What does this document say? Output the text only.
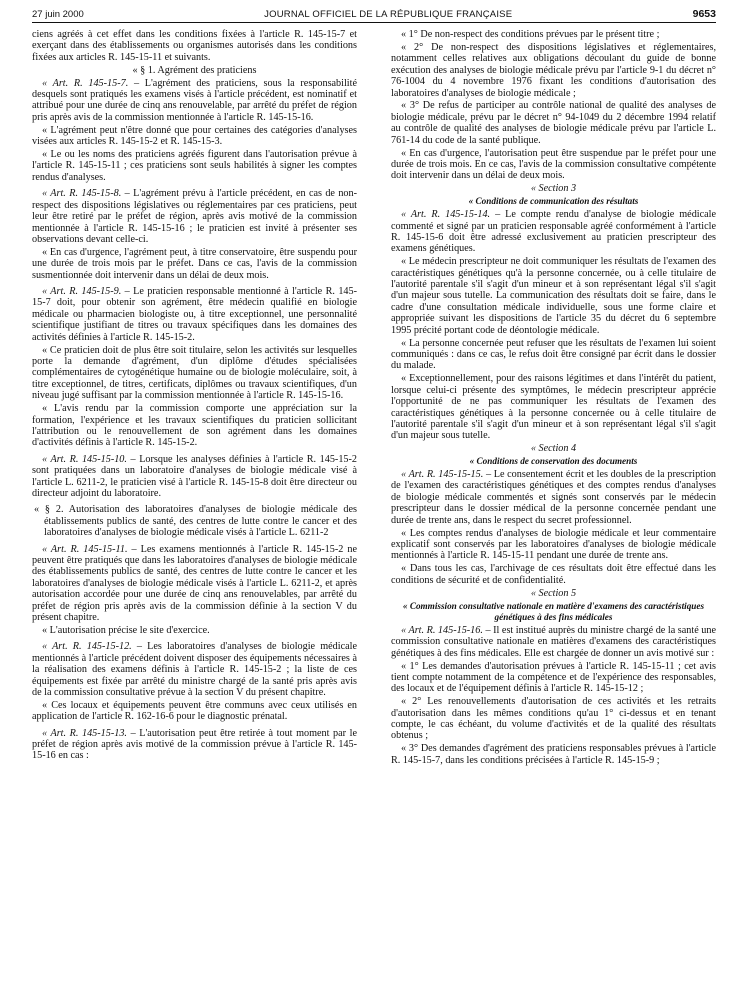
27 juin 2000	JOURNAL OFFICIEL DE LA RÉPUBLIQUE FRANÇAISE	9653

ciens agréés à cet effet dans les conditions fixées à l'article R. 145-15-7 et exerçant dans des établissements ou organismes autorisés dans les conditions fixées aux articles R. 145-15-11 et suivants.

« § 1. Agrément des praticiens

« Art. R. 145-15-7. – L'agrément des praticiens, sous la responsabilité desquels sont pratiqués les examens visés à l'article précédent, est nominatif et attribué pour une durée de cinq ans renouvelable, par arrêté du préfet de région pris après avis de la commission mentionnée à l'article R. 145-15-16.

« L'agrément peut n'être donné que pour certaines des catégories d'analyses visées aux articles R. 145-15-2 et R. 145-15-3.

« Le ou les noms des praticiens agréés figurent dans l'autorisation prévue à l'article R. 145-15-11 ; ces praticiens sont seuls habilités à signer les comptes rendus d'analyses.

« Art. R. 145-15-8. – L'agrément prévu à l'article précédent, en cas de non-respect des dispositions législatives ou réglementaires par ces praticiens, peut leur être retiré par le préfet de région, après avis motivé de la commission mentionnée à l'article R. 145-15-16 ; le praticien est invité à présenter ses observations devant celle-ci.

« En cas d'urgence, l'agrément peut, à titre conservatoire, être suspendu pour une durée de trois mois par le préfet. Dans ce cas, l'avis de la commission susmentionnée doit intervenir dans un délai de deux mois.

« Art. R. 145-15-9. – Le praticien responsable mentionné à l'article R. 145-15-7 doit, pour obtenir son agrément, être médecin qualifié en biologie médicale ou pharmacien biologiste ou, à titre exceptionnel, une personnalité scientifique justifiant de titres ou travaux spécifiques dans les domaines des activités définies à l'article R. 145-15-2.

« Ce praticien doit de plus être soit titulaire, selon les activités sur lesquelles porte la demande d'agrément, d'un diplôme d'études spécialisées complémentaires de cytogénétique humaine ou de biologie moléculaire, soit, à titre exceptionnel, de titres, certificats, diplômes ou travaux scientifiques, d'un niveau jugé suffisant par la commission mentionnée à l'article R. 145-15-16.

« L'avis rendu par la commission comporte une appréciation sur la formation, l'expérience et les travaux scientifiques du praticien sollicitant l'attribution ou le renouvellement de son agrément dans les domaines d'activités définis à l'article R. 145-15-2.

« Art. R. 145-15-10. – Lorsque les analyses définies à l'article R. 145-15-2 sont pratiquées dans un laboratoire d'analyses de biologie médicale visé à l'article L. 6211-2, le praticien visé à l'article R. 145-15-8 doit être directeur ou directeur adjoint du laboratoire.

« § 2. Autorisation des laboratoires d'analyses de biologie médicale des établissements publics de santé, des centres de lutte contre le cancer et des laboratoires d'analyses de biologie médicale visés à l'article L. 6211-2

« Art. R. 145-15-11. – Les examens mentionnés à l'article R. 145-15-2 ne peuvent être pratiqués que dans les laboratoires d'analyses de biologie médicale des établissements publics de santé, des centres de lutte contre le cancer et les laboratoires d'analyses de biologie médicale visés à l'article L. 6211-2, et après autorisation accordée pour une durée de cinq ans renouvelables, par arrêté du préfet de région pris après avis de la commission définie à la section V du présent chapitre.

« L'autorisation précise le site d'exercice.

« Art. R. 145-15-12. – Les laboratoires d'analyses de biologie médicale mentionnés à l'article précédent doivent disposer des équipements nécessaires à la réalisation des examens définis à l'article R. 145-15-2 ; la liste de ces équipements est fixée par arrêté du ministre chargé de la santé pris après avis de la commission consultative prévue à la section V du présent chapitre.

« Ces locaux et équipements peuvent être communs avec ceux utilisés en application de l'article R. 162-16-6 pour le diagnostic prénatal.

« Art. R. 145-15-13. – L'autorisation peut être retirée à tout moment par le préfet de région après avis motivé de la commission prévue à l'article R. 145-15-16 en cas :

« 1° De non-respect des conditions prévues par le présent titre ;

« 2° De non-respect des dispositions législatives et réglementaires, notamment celles relatives aux obligations découlant du guide de bonne exécution des analyses de biologie médicale prévu par l'article 9-1 du décret n° 76-1004 du 4 novembre 1976 fixant les conditions d'autorisation des laboratoires d'analyses de biologie médicale ;

« 3° De refus de participer au contrôle national de qualité des analyses de biologie médicale, prévu par le décret n° 94-1049 du 2 décembre 1994 relatif au contrôle de qualité des analyses de biologie médicale prévu par l'article L. 761-14 du code de la santé publique.

« En cas d'urgence, l'autorisation peut être suspendue par le préfet pour une durée de trois mois. En ce cas, l'avis de la commission consultative compétente doit intervenir dans un délai de deux mois.

« Section 3

« Conditions de communication des résultats

« Art. R. 145-15-14. – Le compte rendu d'analyse de biologie médicale commenté et signé par un praticien responsable agréé conformément à l'article R. 145-15-6 doit être adressé exclusivement au praticien prescripteur des examens génétiques.

« Le médecin prescripteur ne doit communiquer les résultats de l'examen des caractéristiques génétiques qu'à la personne concernée, ou à celle titulaire de l'autorité parentale s'il s'agit d'un mineur et à son représentant légal s'il s'agit d'un majeur sous tutelle. La communication des résultats doit se faire, dans le cadre d'une consultation médicale individuelle, sous une forme claire et appropriée suivant les dispositions de l'article 35 du décret du 6 septembre 1995 précité portant code de déontologie médicale.

« La personne concernée peut refuser que les résultats de l'examen lui soient communiqués : dans ce cas, le refus doit être consigné par écrit dans le dossier du malade.

« Exceptionnellement, pour des raisons légitimes et dans l'intérêt du patient, lorsque celui-ci présente des symptômes, le médecin prescripteur apprécie l'opportunité de ne pas communiquer les résultats de l'examen des caractéristiques génétiques à la personne concernée ou à celle titulaire de l'autorité parentale s'il s'agit d'un mineur et à son représentant légal s'il s'agit d'un majeur sous tutelle.

« Section 4

« Conditions de conservation des documents

« Art. R. 145-15-15. – Le consentement écrit et les doubles de la prescription de l'examen des caractéristiques génétiques et des comptes rendus d'analyses de biologie médicale commentés et signés sont conservés par le médecin prescripteur dans le dossier médical de la personne concernée pendant une durée de trente ans, dans le respect du secret professionnel.

« Les comptes rendus d'analyses de biologie médicale et leur commentaire explicatif sont conservés par les laboratoires d'analyses de biologie médicale mentionnés à l'article R. 145-15-11 pendant une durée de trente ans.

« Dans tous les cas, l'archivage de ces résultats doit être effectué dans les conditions de sécurité et de confidentialité.

« Section 5

« Commission consultative nationale en matière d'examens des caractéristiques génétiques à des fins médicales

« Art. R. 145-15-16. – Il est institué auprès du ministre chargé de la santé une commission consultative nationale en matières d'examens des caractéristiques génétiques à des fins médicales. Elle est chargée de donner un avis motivé sur :

« 1° Les demandes d'autorisation prévues à l'article R. 145-15-11 ; cet avis tient compte notamment de la compétence et de l'expérience des responsables, des locaux et de l'équipement définis à l'article R. 145-15-12 ;

« 2° Les renouvellements d'autorisation de ces activités et les retraits d'autorisation dans les mêmes conditions qu'au 1° ci-dessus et en tenant compte, le cas échéant, du volume d'activités et de la qualité des résultats obtenus ;

« 3° Des demandes d'agrément des praticiens responsables prévues à l'article R. 145-15-7, dans les conditions précisées à l'article R. 145-15-9 ;
